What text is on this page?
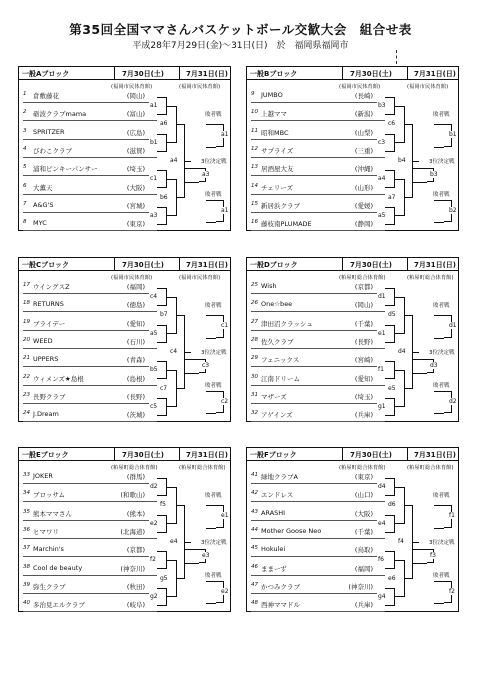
第35回全国ママさんバスケットボール交歓大会　組合せ表
平成28年7月29日(金)～31日(日)　於　福岡県福岡市
一般Aブロック	7月30日(土)	7月31日(日)
(福岡市民体育館)	(福岡市民体育館)
1 倉敷藤花	(岡山)
2 砺波クラブmama	(富山)
3 SPRITZER	(広島)
4 びわこクラブ	(滋賀)
5 浦和ピンキーパンサー	(埼玉)
6 大薫天	(大阪)
7 A&G'S	(宮城)
8 MYC	(東京)
a1
b1
c1
a3
a6
b6
a4
敗者戦
a1
3位決定戦
a3
敗者戦
a1
一般Bブロック	7月30日(土)	7月31日(日)
(福岡市民体育館)	(福岡市民体育館)
9 JUMBO	(長崎)
10 上越ママ	(新潟)
11 昭和MBC	(山梨)
12 サプライズ	(三重)
13 居酒屋大友	(沖縄)
14 チェリーズ	(山形)
15 新居浜クラブ	(愛媛)
16 藤枝南PLUMADE	(静岡)
b3
c3
a4
a5
c6
a7
b4
敗者戦
b1
3位決定戦
b3
敗者戦
b2
一般Cブロック	7月30日(土)	7月31日(日)
(福岡市民体育館)	(福岡市民体育館)
17 ウイングスZ	(福岡)
18 RETURNS	(徳島)
19 ブライデー	(愛知)
20 WEED	(石川)
21 UPPERS	(青森)
22 ウィメンズ★島根	(島根)
23 長野クラブ	(長野)
24 J.Dream	(茨城)
c4
a5
b5
c5
b7
c7
c4
敗者戦
c1
3位決定戦
c3
敗者戦
c2
一般Dブロック	7月30日(土)	7月31日(日)
(粕屋町総合体育館)	(粕屋町総合体育館)
25 Wish	(京都)
26 One☆bee	(岡山)
27 津田沼クラッシュ	(千葉)
28 佐久クラブ	(長野)
29 フェニックス	(宮崎)
30 江南ドリーム	(愛知)
31 マザーズ	(埼玉)
32 アゲインズ	(兵庫)
d1
e1
f1
g1
d5
e5
d4
敗者戦
d1
3位決定戦
d3
敗者戦
d2
一般Eブロック	7月30日(土)	7月31日(日)
(粕屋町総合体育館)	(粕屋町総合体育館)
33 JOKER	(群馬)
34 ブロッサム	(和歌山)
35 熊本ママさん	(熊本)
36 ヒマワリ	(北海道)
37 Marchin's	(京都)
38 Cool de beauty	(神奈川)
39 弥生クラブ	(秋田)
40 多治見エルクラブ	(岐阜)
d2
e2
f2
g2
f5
g5
e4
敗者戦
e1
3位決定戦
e3
敗者戦
e2
一般Fブロック	7月30日(土)	7月31日(日)
(粕屋町総合体育館)	(粕屋町総合体育館)
41 緑地クラブA	(東京)
42 エンドレス	(山口)
43 ARASHI	(大阪)
44 Mother Goose Neo	(千葉)
45 Hokulei	(鳥取)
46 ままーず	(福岡)
47 かつみクラブ	(神奈川)
48 西神ママドル	(兵庫)
d4
e4
f6
g4
d6
e6
f4
敗者戦
f1
3位決定戦
f3
敗者戦
f2
